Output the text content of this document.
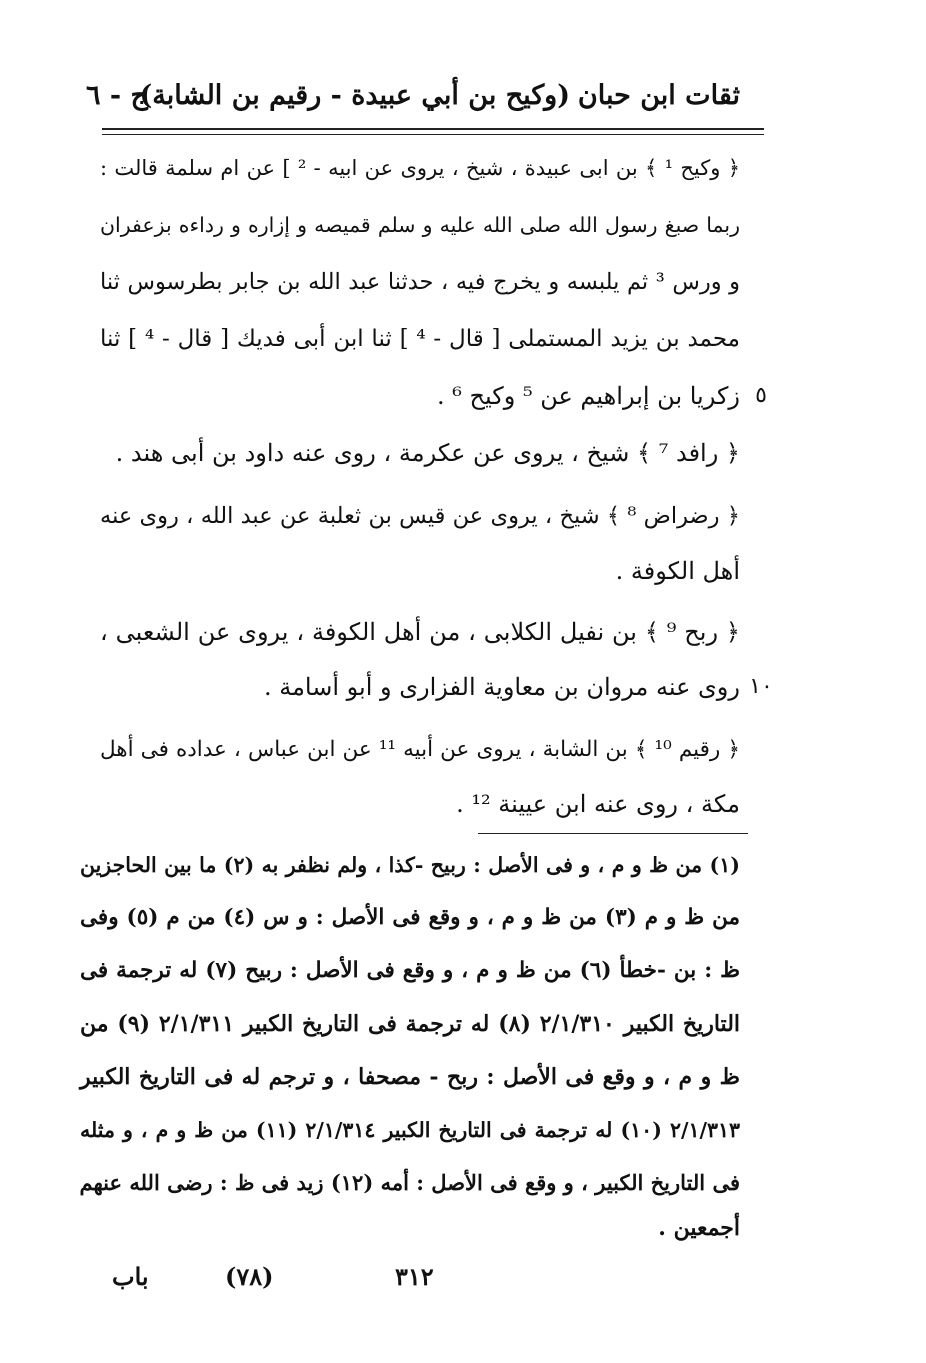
ثقات ابن حبان
(وكيح بن أبي عبيدة - رقيم بن الشابة)
ج - ٦
﴿ وكيح ¹ ﴾ بن ابى عبيدة ، شيخ ، يروى عن ابيه - ² ] عن ام سلمة قالت :
ربما صبغ رسول الله صلى الله عليه و سلم قميصه و إزاره و رداءه بزعفران
و ورس ³ ثم يلبسه و يخرج فيه ، حدثنا عبد الله بن جابر بطرسوس ثنا
محمد بن يزيد المستملى [ قال - ⁴ ] ثنا ابن أبى فديك [ قال - ⁴ ] ثنا
٥
زكريا بن إبراهيم عن ⁵ وكيح ⁶ .
﴿ رافد ⁷ ﴾ شيخ ، يروى عن عكرمة ، روى عنه داود بن أبى هند .
﴿ رضراض ⁸ ﴾ شيخ ، يروى عن قيس بن ثعلبة عن عبد الله ، روى عنه
أهل الكوفة .
﴿ ربح ⁹ ﴾ بن نفيل الكلابى ، من أهل الكوفة ، يروى عن الشعبى ،
١٠
روى عنه مروان بن معاوية الفزارى و أبو أسامة .
﴿ رقيم ¹⁰ ﴾ بن الشابة ، يروى عن أبيه ¹¹ عن ابن عباس ، عداده فى أهل
مكة ، روى عنه ابن عيينة ¹² .
(١) من ظ و م ، و فى الأصل : ربيح -كذا ، ولم نظفر به (٢) ما بين الحاجزين
من ظ و م (٣) من ظ و م ، و وقع فى الأصل : و س (٤) من م (٥) وفى
ظ : بن -خطأ (٦) من ظ و م ، و وقع فى الأصل : ربيح (٧) له ترجمة فى
التاريخ الكبير ٢/١/٣١٠ (٨) له ترجمة فى التاريخ الكبير ٢/١/٣١١ (٩) من
ظ و م ، و وقع فى الأصل : ربح - مصحفا ، و ترجم له فى التاريخ الكبير
٢/١/٣١٣ (١٠) له ترجمة فى التاريخ الكبير ٢/١/٣١٤ (١١) من ظ و م ، و مثله
فى التاريخ الكبير ، و وقع فى الأصل : أمه (١٢) زيد فى ظ : رضى الله عنهم
أجمعين .
٣١٢
(٧٨)
باب
